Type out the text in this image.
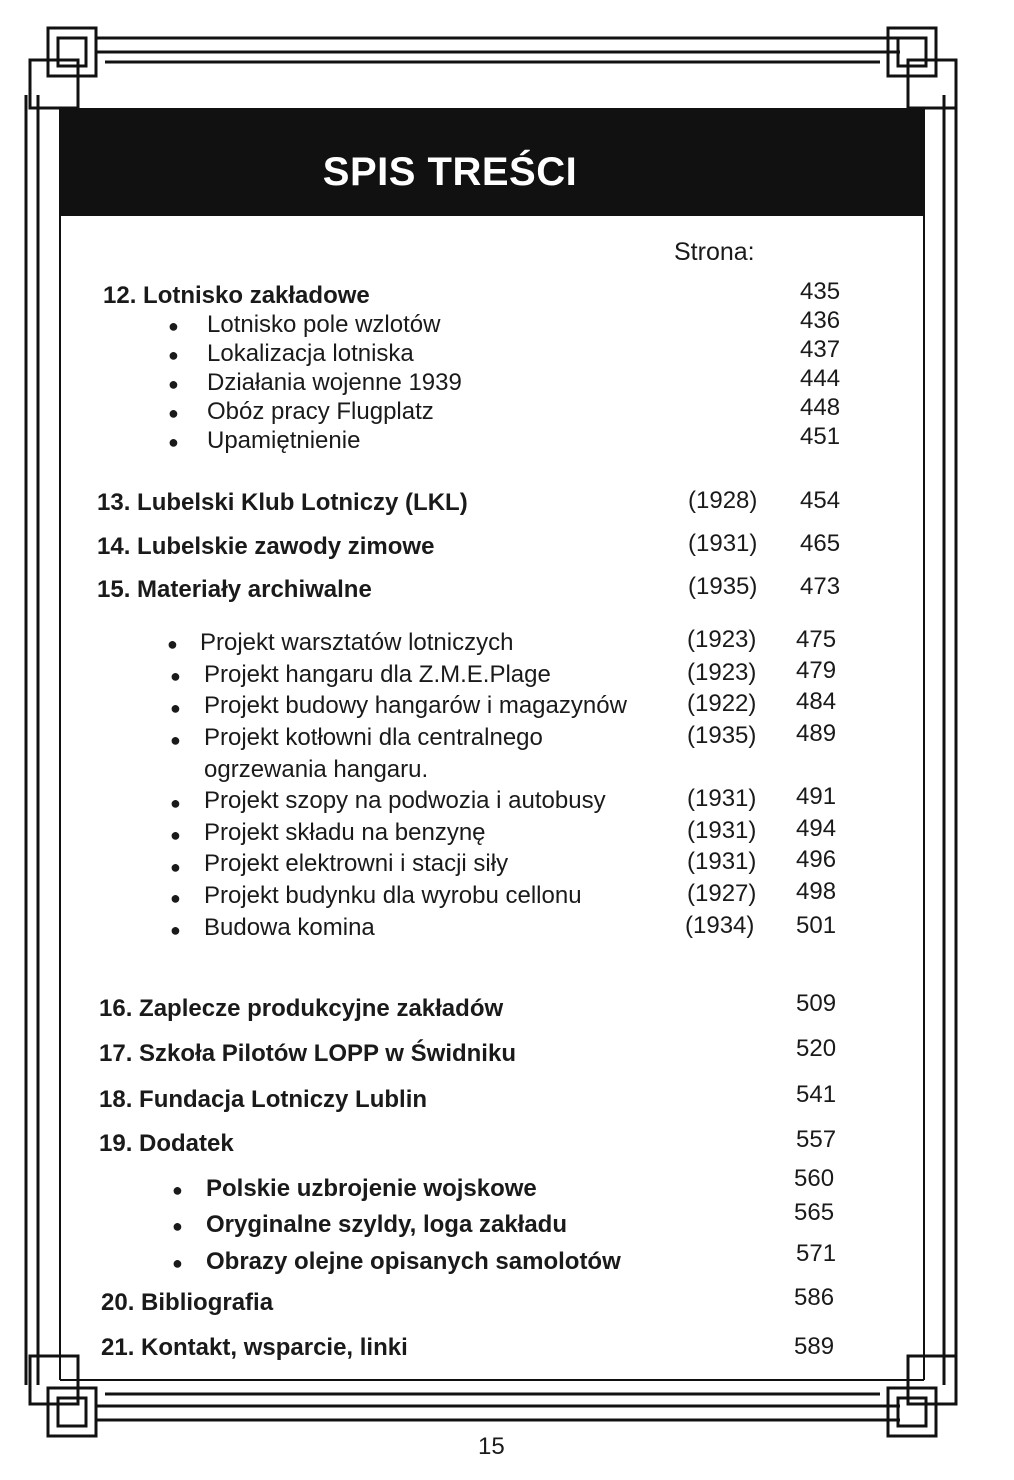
SPIS TREŚCI
Strona:
12. Lotnisko zakładowe	435
● Lotnisko pole wzlotów	436
● Lokalizacja lotniska	437
● Działania wojenne 1939	444
● Obóz pracy Flugplatz	448
● Upamiętnienie	451
13. Lubelski Klub Lotniczy (LKL)	(1928) 454
14. Lubelskie zawody zimowe	(1931) 465
15. Materiały archiwalne	(1935) 473
● Projekt warsztatów lotniczych	(1923) 475
● Projekt hangaru dla Z.M.E.Plage	(1923) 479
● Projekt budowy hangarów i magazynów	(1922) 484
● Projekt kotłowni dla centralnego
ogrzewania hangaru.
(1935) 489
● Projekt szopy na podwozia i autobusy	(1931) 491
● Projekt składu na benzynę	(1931) 494
● Projekt elektrowni i stacji siły	(1931) 496
● Projekt budynku dla wyrobu cellonu	(1927) 498
● Budowa komina	(1934) 501
16. Zaplecze produkcyjne zakładów	509
17. Szkoła Pilotów LOPP w Świdniku	520
18. Fundacja Lotniczy Lublin	541
19. Dodatek	557
● Polskie uzbrojenie wojskowe	560
● Oryginalne szyldy, loga zakładu	565
● Obrazy olejne opisanych samolotów	571
20. Bibliografia	586
21. Kontakt, wsparcie, linki	589
15
